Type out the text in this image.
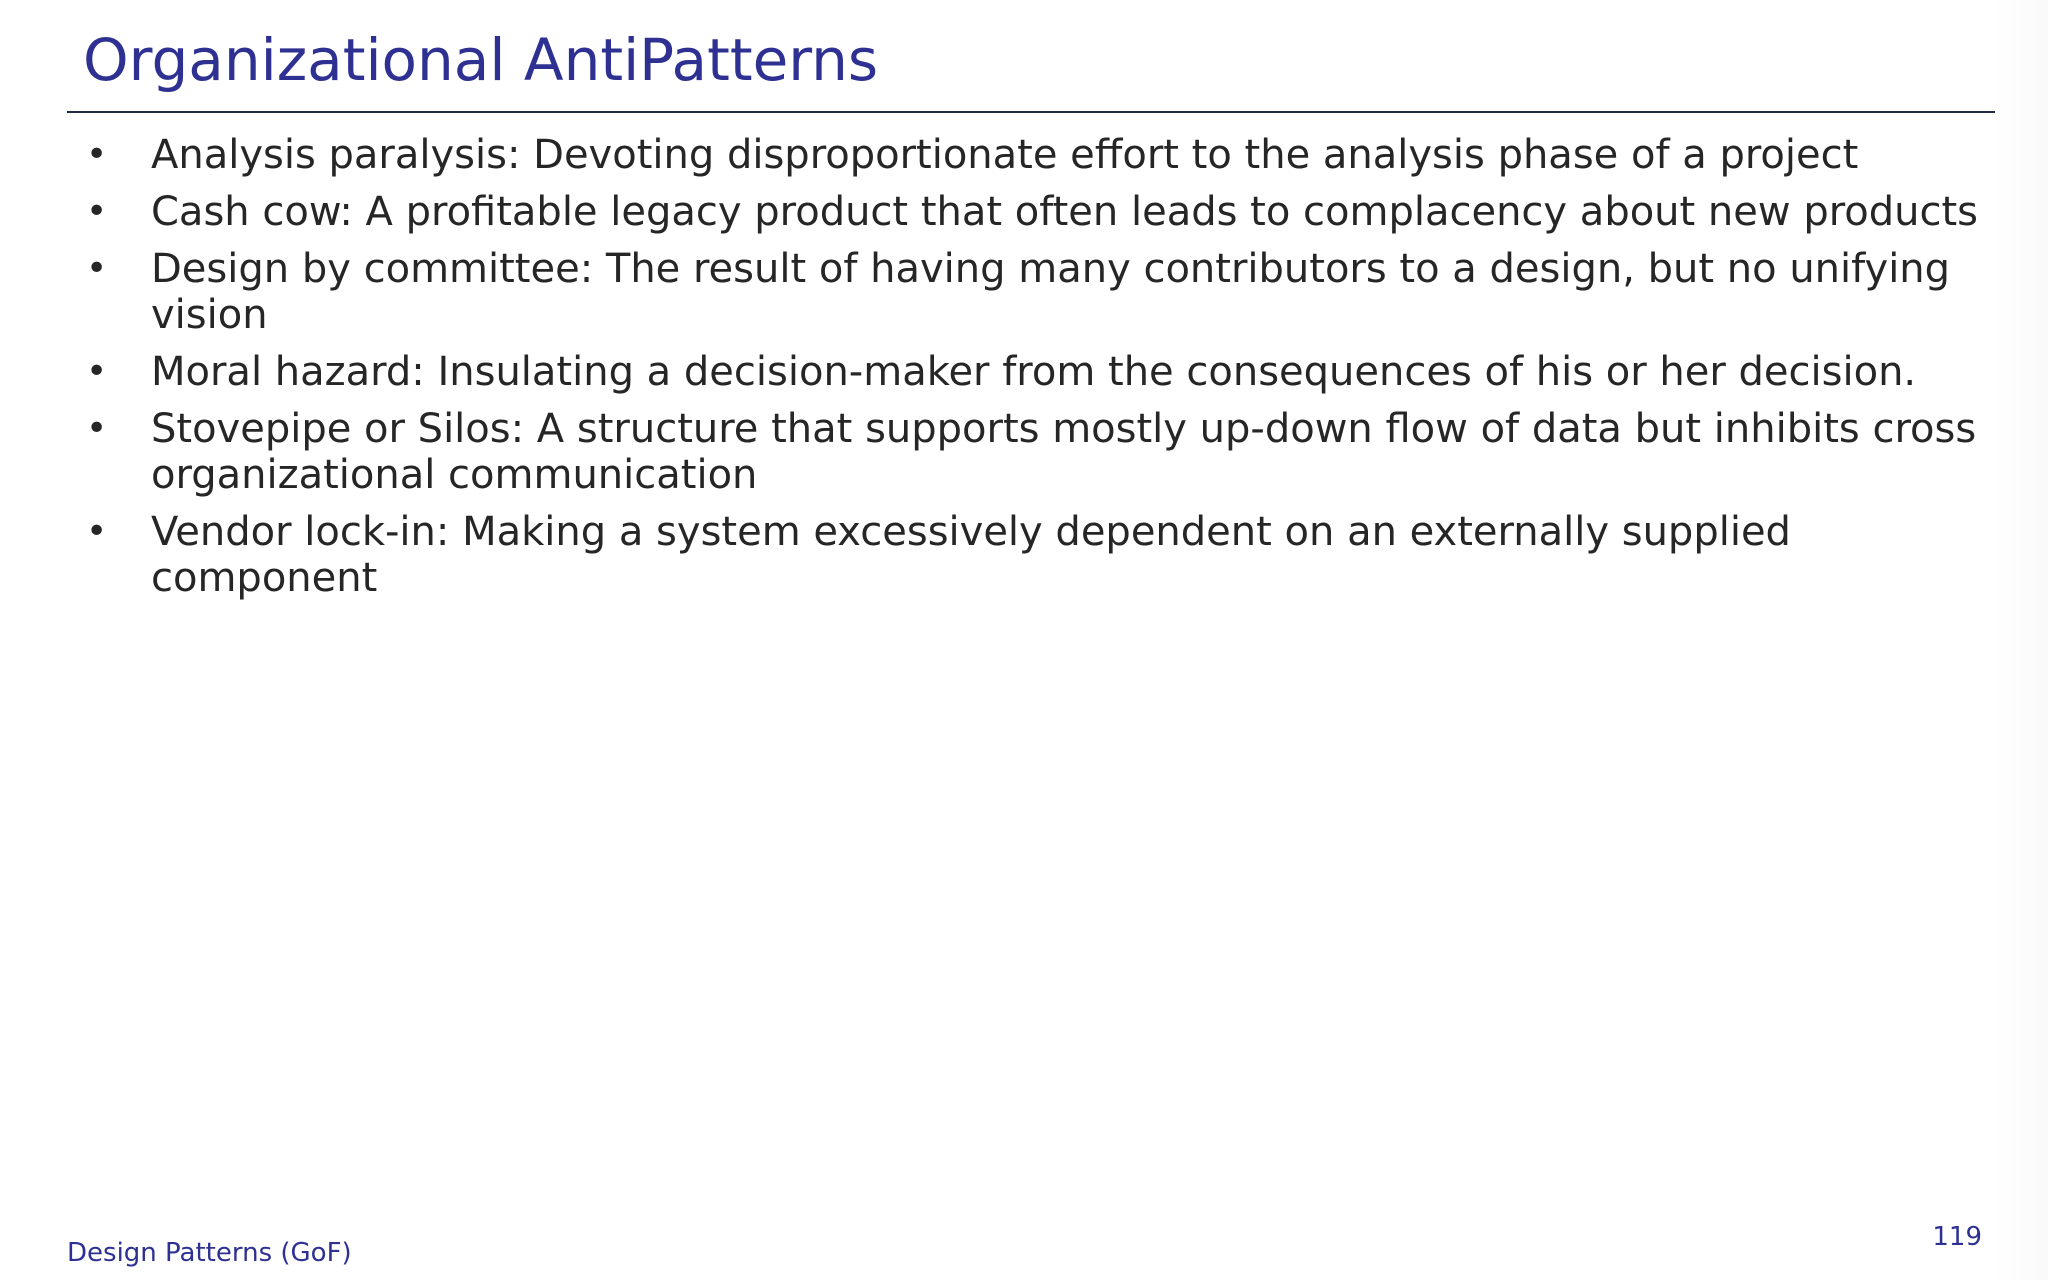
Organizational AntiPatterns
• Analysis paralysis: Devoting disproportionate effort to the analysis phase of a project
• Cash cow: A profitable legacy product that often leads to complacency about new products
• Design by committee: The result of having many contributors to a design, but no unifying vision
• Moral hazard: Insulating a decision-maker from the consequences of his or her decision.
• Stovepipe or Silos: A structure that supports mostly up-down flow of data but inhibits cross organizational communication
• Vendor lock-in: Making a system excessively dependent on an externally supplied component
Design Patterns (GoF)
119
